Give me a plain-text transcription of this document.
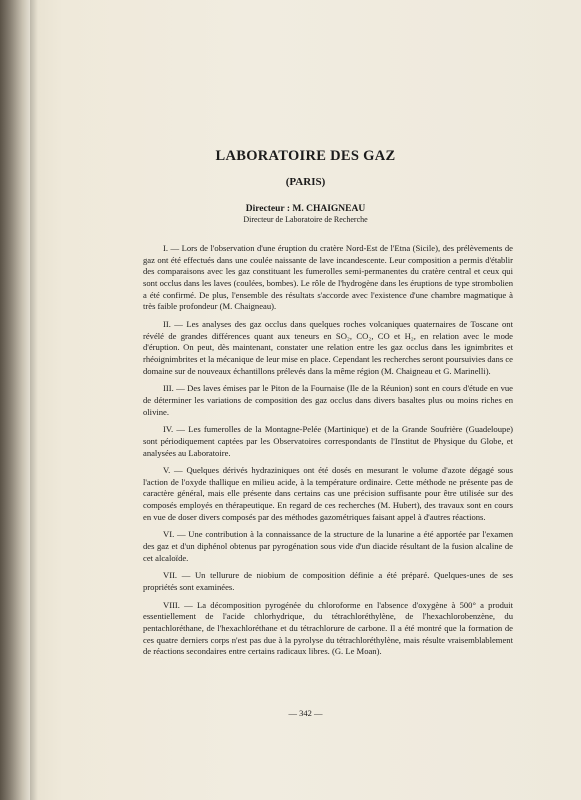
LABORATOIRE DES GAZ
(PARIS)
Directeur : M. CHAIGNEAU
Directeur de Laboratoire de Recherche

I. — Lors de l'observation d'une éruption du cratère Nord-Est de l'Etna (Sicile), des prélèvements de gaz ont été effectués dans une coulée naissante de lave incandescente. Leur composition a permis d'établir des comparaisons avec les gaz constituant les fumerolles semi-permanentes du cratère central et ceux qui sont occlus dans les laves (coulées, bombes). Le rôle de l'hydrogène dans les éruptions de type strombolien a été confirmé. De plus, l'ensemble des résultats s'accorde avec l'existence d'une chambre magmatique à très faible profondeur (M. Chaigneau).

II. — Les analyses des gaz occlus dans quelques roches volcaniques quaternaires de Toscane ont révélé de grandes différences quant aux teneurs en SO₂, CO₂, CO et H₂, en relation avec le mode d'éruption. On peut, dès maintenant, constater une relation entre les gaz occlus dans les ignimbrites et rhéoignimbrites et la mécanique de leur mise en place. Cependant les recherches seront poursuivies dans ce domaine sur de nouveaux échantillons prélevés dans la même région (M. Chaigneau et G. Marinelli).

III. — Des laves émises par le Piton de la Fournaise (Ile de la Réunion) sont en cours d'étude en vue de déterminer les variations de composition des gaz occlus dans divers basaltes plus ou moins riches en olivine.

IV. — Les fumerolles de la Montagne-Pelée (Martinique) et de la Grande Soufrière (Guadeloupe) sont périodiquement captées par les Observatoires correspondants de l'Institut de Physique du Globe, et analysées au Laboratoire.

V. — Quelques dérivés hydraziniques ont été dosés en mesurant le volume d'azote dégagé sous l'action de l'oxyde thallique en milieu acide, à la température ordinaire. Cette méthode ne présente pas de caractère général, mais elle présente dans certains cas une précision suffisante pour être utilisée sur des composés employés en thérapeutique. En regard de ces recherches (M. Hubert), des travaux sont en cours en vue de doser divers composés par des méthodes gazométriques faisant appel à d'autres réactions.

VI. — Une contribution à la connaissance de la structure de la lunarine a été apportée par l'examen des gaz et d'un diphénol obtenus par pyrogénation sous vide d'un diacide résultant de la fusion alcaline de cet alcaloïde.

VII. — Un tellurure de niobium de composition définie a été préparé. Quelques-unes de ses propriétés sont examinées.

VIII. — La décomposition pyrogénée du chloroforme en l'absence d'oxygène à 500° a produit essentiellement de l'acide chlorhydrique, du tétrachloréthylène, de l'hexachlorobenzène, du pentachloréthane, de l'hexachloréthane et du tétrachlorure de carbone. Il a été montré que la formation de ces quatre derniers corps n'est pas due à la pyrolyse du tétrachloréthylène, mais résulte vraisemblablement de réactions secondaires entre certains radicaux libres. (G. Le Moan).

— 342 —
